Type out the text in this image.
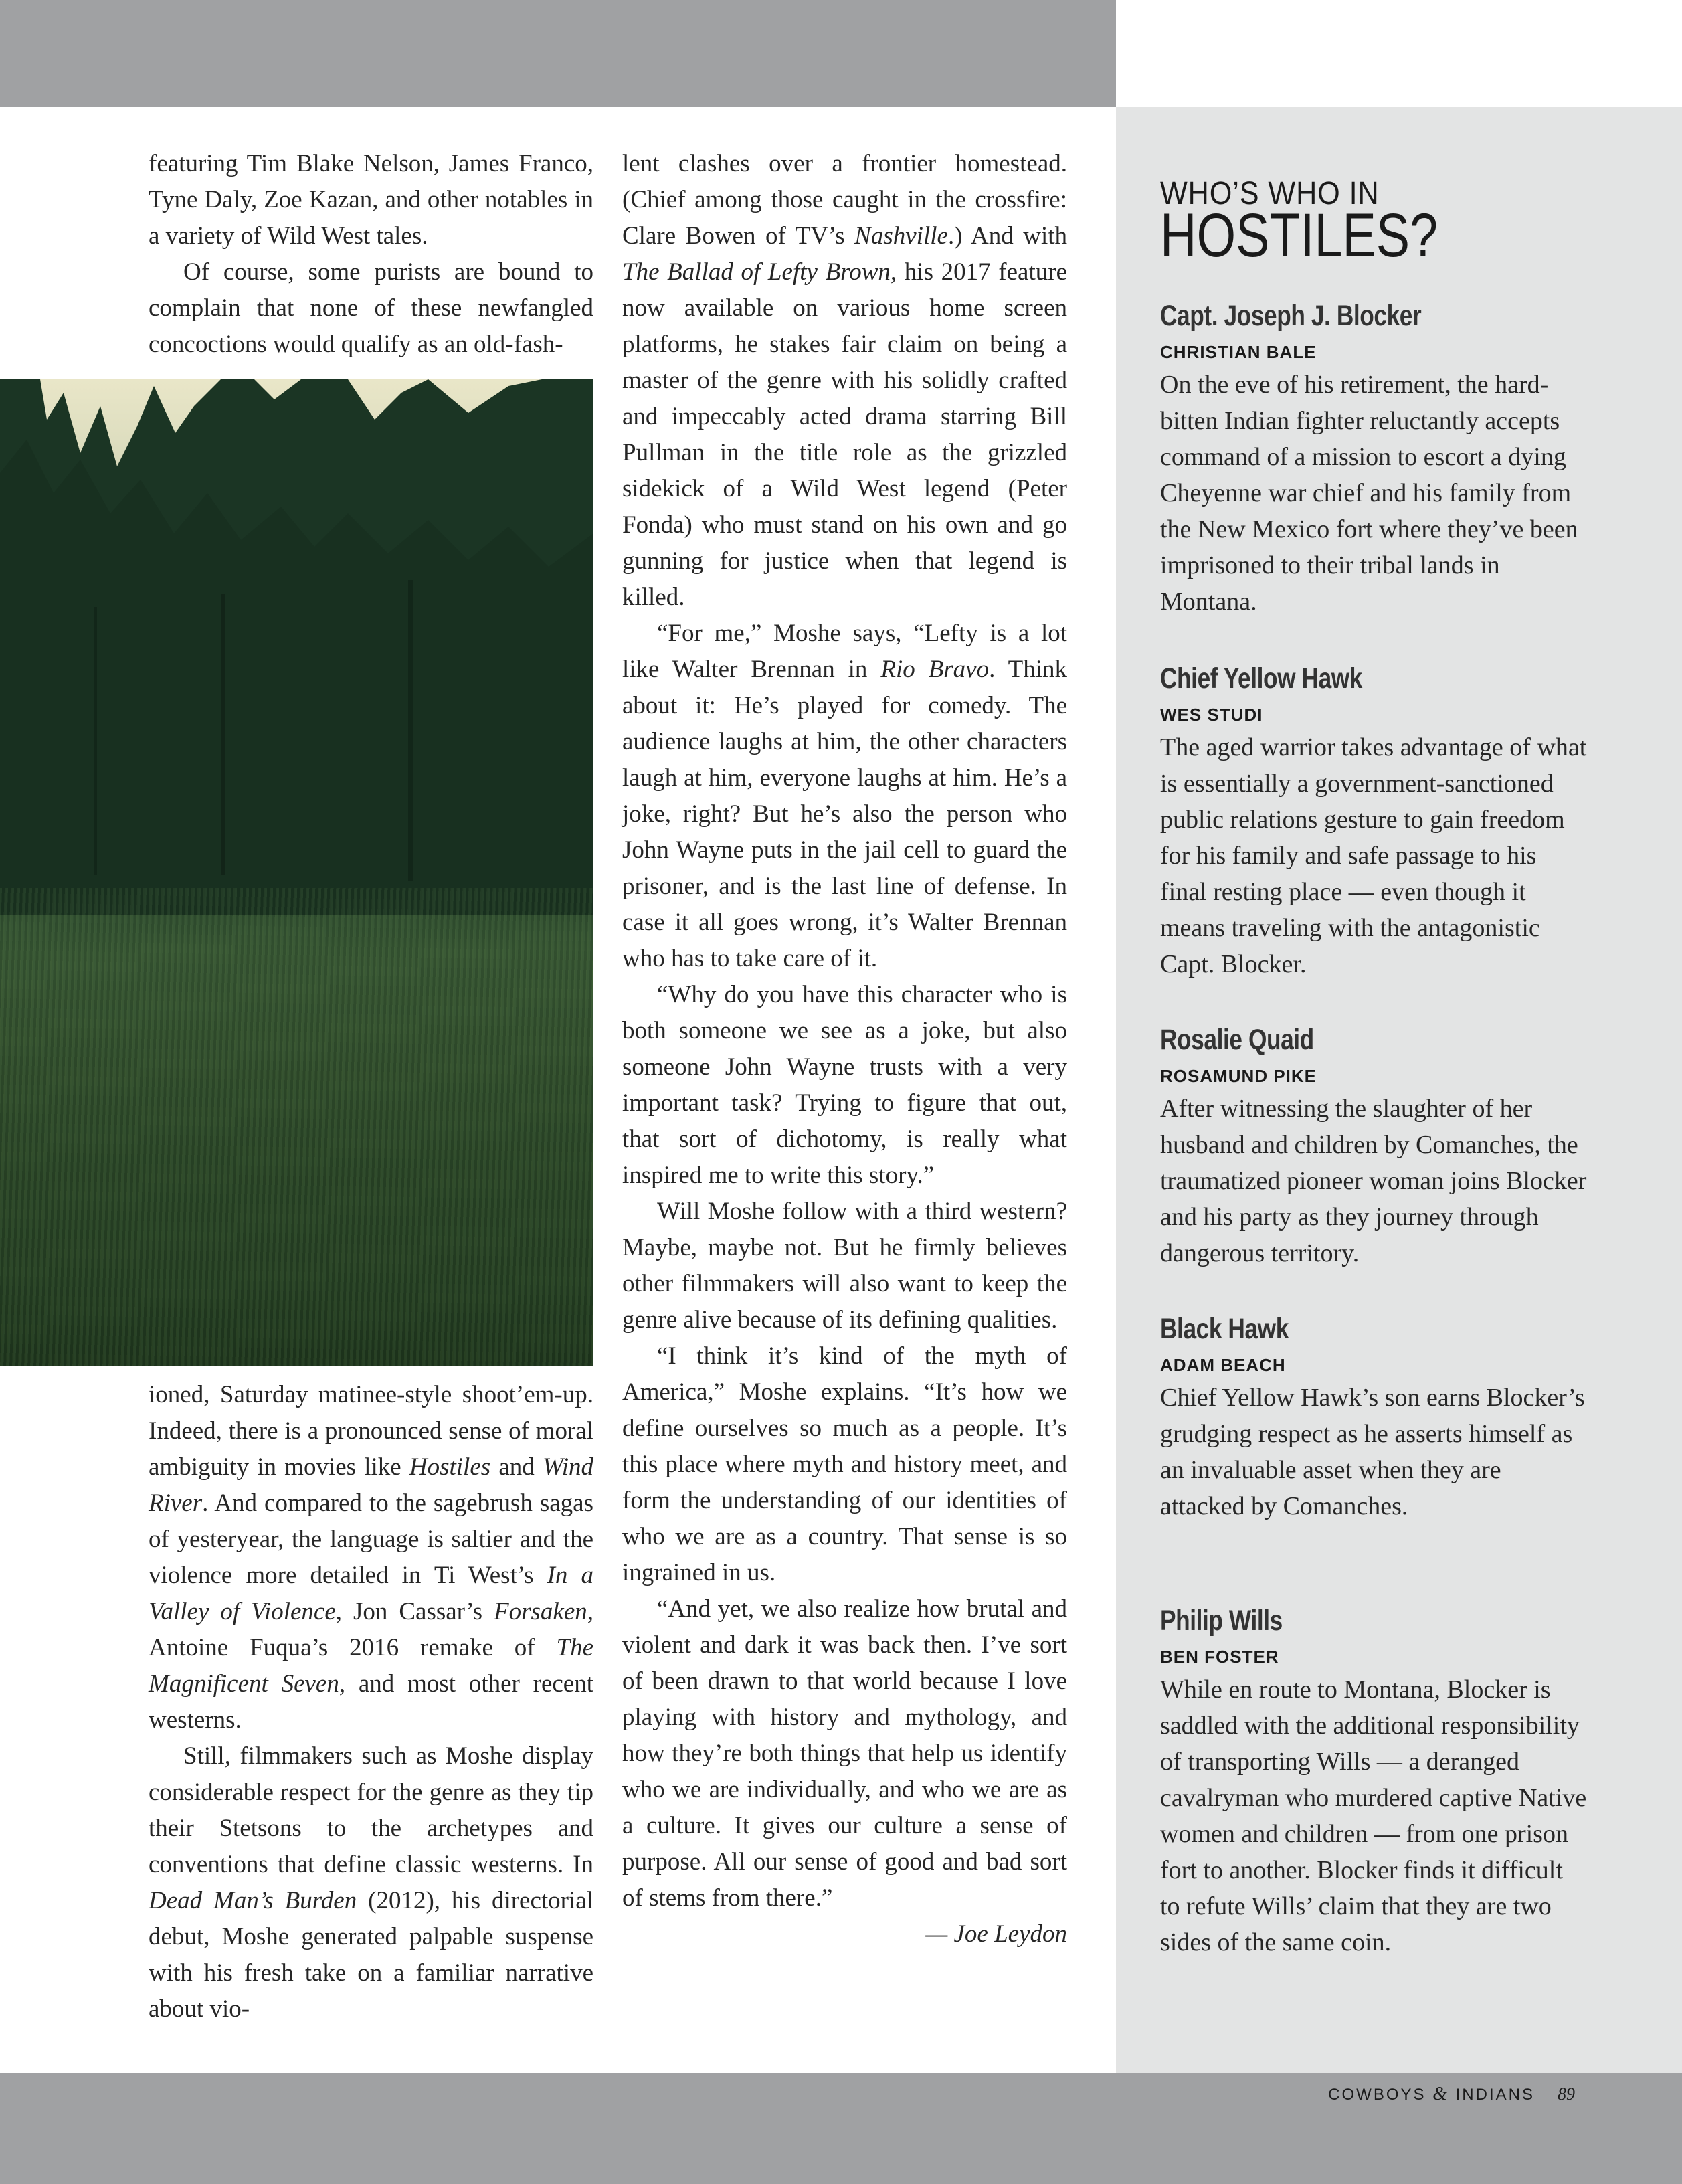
featuring Tim Blake Nelson, James Franco, Tyne Daly, Zoe Kazan, and other notables in a variety of Wild West tales.

Of course, some purists are bound to complain that none of these newfangled concoctions would qualify as an old-fash-

ioned, Saturday matinee-style shoot’em-up. Indeed, there is a pronounced sense of moral ambiguity in movies like Hostiles and Wind River. And compared to the sagebrush sagas of yesteryear, the language is saltier and the violence more detailed in Ti West’s In a Valley of Violence, Jon Cassar’s Forsaken, Antoine Fuqua’s 2016 remake of The Magnificent Seven, and most other recent westerns.

Still, filmmakers such as Moshe display considerable respect for the genre as they tip their Stetsons to the archetypes and conventions that define classic westerns. In Dead Man’s Burden (2012), his directorial debut, Moshe generated palpable suspense with his fresh take on a familiar narrative about vio-

lent clashes over a frontier homestead. (Chief among those caught in the crossfire: Clare Bowen of TV’s Nashville.) And with The Ballad of Lefty Brown, his 2017 feature now available on various home screen platforms, he stakes fair claim on being a master of the genre with his solidly crafted and impeccably acted drama starring Bill Pullman in the title role as the grizzled sidekick of a Wild West legend (Peter Fonda) who must stand on his own and go gunning for justice when that legend is killed.

“For me,” Moshe says, “Lefty is a lot like Walter Brennan in Rio Bravo. Think about it: He’s played for comedy. The audience laughs at him, the other characters laugh at him, everyone laughs at him. He’s a joke, right? But he’s also the person who John Wayne puts in the jail cell to guard the prisoner, and is the last line of defense. In case it all goes wrong, it’s Walter Brennan who has to take care of it.

“Why do you have this character who is both someone we see as a joke, but also someone John Wayne trusts with a very important task? Trying to figure that out, that sort of dichotomy, is really what inspired me to write this story.”

Will Moshe follow with a third western? Maybe, maybe not. But he firmly believes other filmmakers will also want to keep the genre alive because of its defining qualities.

“I think it’s kind of the myth of America,” Moshe explains. “It’s how we define ourselves so much as a people. It’s this place where myth and history meet, and form the understanding of our identities of who we are as a country. That sense is so ingrained in us.

“And yet, we also realize how brutal and violent and dark it was back then. I’ve sort of been drawn to that world because I love playing with history and mythology, and how they’re both things that help us identify who we are individually, and who we are as a culture. It gives our culture a sense of purpose. All our sense of good and bad sort of stems from there.”

— Joe Leydon

WHO’S WHO IN
HOSTILES?
Capt. Joseph J. Blocker
CHRISTIAN BALE
On the eve of his retirement, the hard-bitten Indian fighter reluctantly accepts command of a mission to escort a dying Cheyenne war chief and his family from the New Mexico fort where they’ve been imprisoned to their tribal lands in Montana.
Chief Yellow Hawk
WES STUDI
The aged warrior takes advantage of what is essentially a government-sanctioned public relations gesture to gain freedom for his family and safe passage to his final resting place — even though it means traveling with the antagonistic Capt. Blocker.
Rosalie Quaid
ROSAMUND PIKE
After witnessing the slaughter of her husband and children by Comanches, the traumatized pioneer woman joins Blocker and his party as they journey through dangerous territory.
Black Hawk
ADAM BEACH
Chief Yellow Hawk’s son earns Blocker’s grudging respect as he asserts himself as an invaluable asset when they are attacked by Comanches.
Philip Wills
BEN FOSTER
While en route to Montana, Blocker is saddled with the additional responsibility of transporting Wills — a deranged cavalryman who murdered captive Native women and children — from one prison fort to another. Blocker finds it difficult to refute Wills’ claim that they are two sides of the same coin.
COWBOYS & INDIANS 89
